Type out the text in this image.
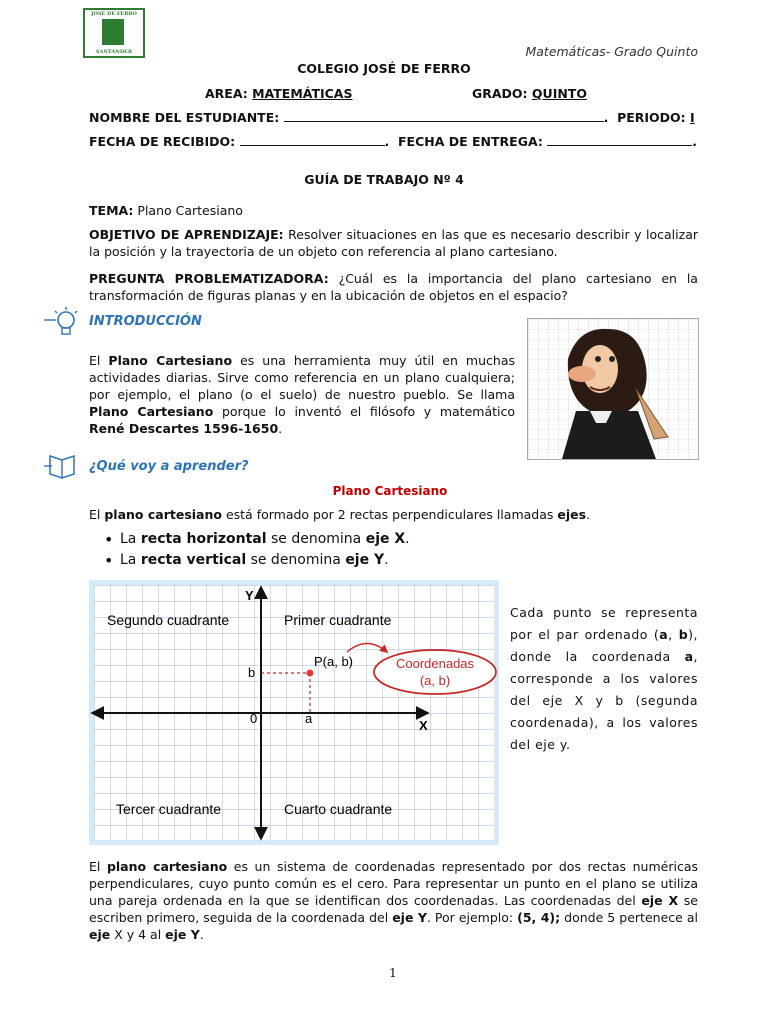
JOSÉ DE FERRO
SANTANDER	Matemáticas- Grado Quinto
COLEGIO JOSÉ DE FERRO
AREA: MATEMÁTICAS	GRADO: QUINTO
NOMBRE DEL ESTUDIANTE:	.  PERIODO: I
FECHA DE RECIBIDO:	.  FECHA DE ENTREGA:	.
GUÍA DE TRABAJO Nº 4
TEMA: Plano Cartesiano
OBJETIVO DE APRENDIZAJE: Resolver situaciones en las que es necesario describir y localizar la posición y la trayectoria de un objeto con referencia al plano cartesiano.
PREGUNTA PROBLEMATIZADORA: ¿Cuál es la importancia del plano cartesiano en la transformación de figuras planas y en la ubicación de objetos en el espacio?
INTRODUCCIÓN
El Plano Cartesiano es una herramienta muy útil en muchas actividades diarias. Sirve como referencia en un plano cualquiera; por ejemplo, el plano (o el suelo) de nuestro pueblo. Se llama Plano Cartesiano porque lo inventó el filósofo y matemático René Descartes 1596-1650.
¿Qué voy a aprender?
Plano Cartesiano
El plano cartesiano está formado por 2 rectas perpendiculares llamadas ejes.
• La recta horizontal se denomina eje X.
• La recta vertical se denomina eje Y.
Segundo cuadrante	Primer cuadrante
Tercer cuadrante	Cuarto cuadrante
Y
X
0	a
b
P(a, b)	Coordenadas
(a, b)
Cada punto se representa por el par ordenado (a, b), donde la coordenada a, corresponde a los valores del eje X y b (segunda coordenada), a los valores del eje y.
El plano cartesiano es un sistema de coordenadas representado por dos rectas numéricas perpendiculares, cuyo punto común es el cero. Para representar un punto en el plano se utiliza una pareja ordenada en la que se identifican dos coordenadas. Las coordenadas del eje X se escriben primero, seguida de la coordenada del eje Y. Por ejemplo: (5, 4); donde 5 pertenece al eje X y 4 al eje Y.
1
